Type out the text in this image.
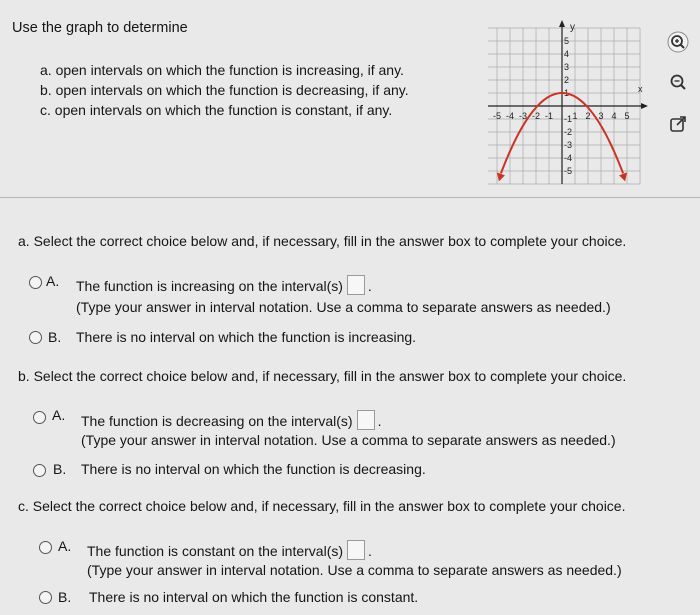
Use the graph to determine
a. open intervals on which the function is increasing, if any.
b. open intervals on which the function is decreasing, if any.
c. open intervals on which the function is constant, if any.
y
x
-5 -4 -3 -2 -1 1 2 3 4 5
5
4
3
2
1
-1
-2
-3
-4
-5
a. Select the correct choice below and, if necessary, fill in the answer box to complete your choice.
A. The function is increasing on the interval(s) .
(Type your answer in interval notation. Use a comma to separate answers as needed.)
B. There is no interval on which the function is increasing.
b. Select the correct choice below and, if necessary, fill in the answer box to complete your choice.
A. The function is decreasing on the interval(s) .
(Type your answer in interval notation. Use a comma to separate answers as needed.)
B. There is no interval on which the function is decreasing.
c. Select the correct choice below and, if necessary, fill in the answer box to complete your choice.
A. The function is constant on the interval(s) .
(Type your answer in interval notation. Use a comma to separate answers as needed.)
B. There is no interval on which the function is constant.
